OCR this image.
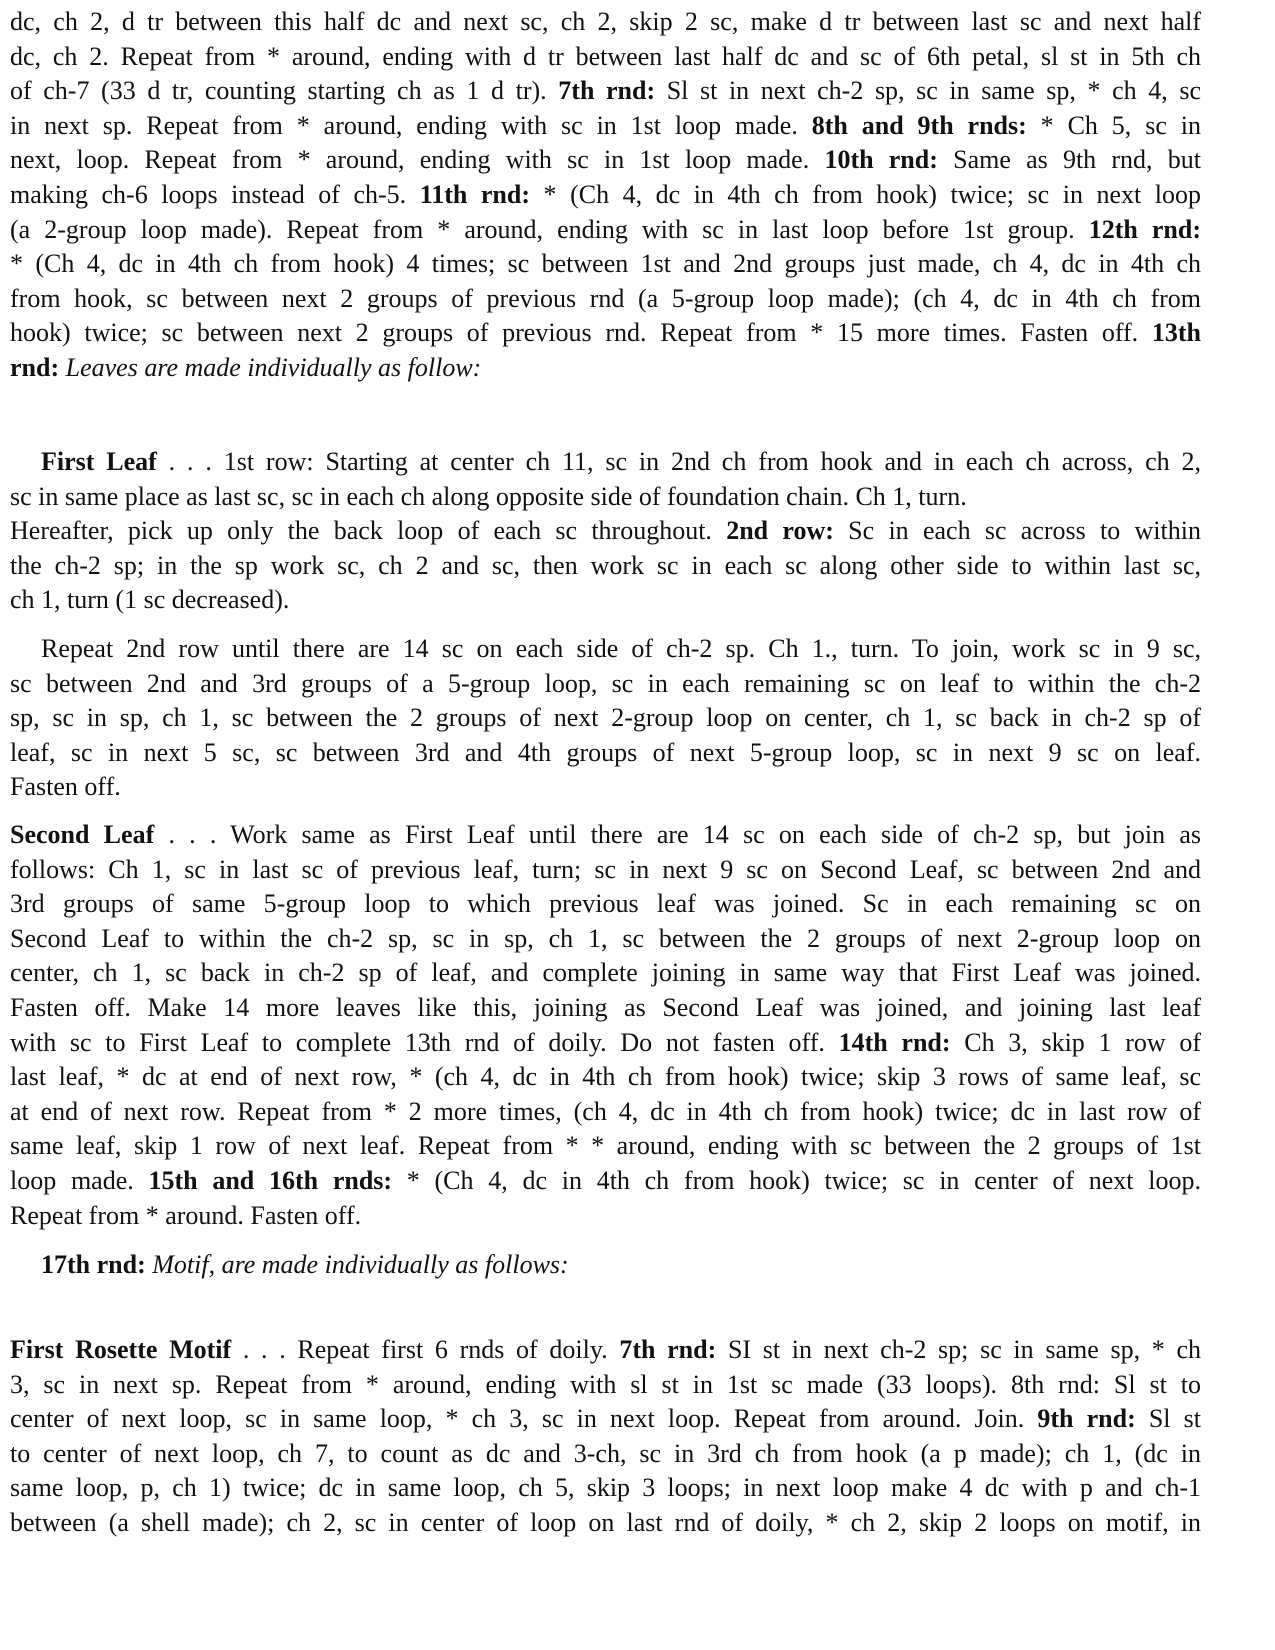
dc, ch 2, d tr between this half dc and next sc, ch 2, skip 2 sc, make d tr between last sc and next half
dc, ch 2. Repeat from * around, ending with d tr between last half dc and sc of 6th petal, sl st in 5th ch
of ch-7 (33 d tr, counting starting ch as 1 d tr). 7th rnd: Sl st in next ch-2 sp, sc in same sp, * ch 4, sc
in next sp. Repeat from * around, ending with sc in 1st loop made. 8th and 9th rnds: * Ch 5, sc in
next, loop. Repeat from * around, ending with sc in 1st loop made. 10th rnd: Same as 9th rnd, but
making ch-6 loops instead of ch-5. 11th rnd: * (Ch 4, dc in 4th ch from hook) twice; sc in next loop
(a 2-group loop made). Repeat from * around, ending with sc in last loop before 1st group. 12th rnd:
* (Ch 4, dc in 4th ch from hook) 4 times; sc between 1st and 2nd groups just made, ch 4, dc in 4th ch
from hook, sc between next 2 groups of previous rnd (a 5-group loop made); (ch 4, dc in 4th ch from
hook) twice; sc between next 2 groups of previous rnd. Repeat from * 15 more times. Fasten off. 13th
rnd: Leaves are made individually as follow:
First Leaf . . . 1st row: Starting at center ch 11, sc in 2nd ch from hook and in each ch across, ch 2,
sc in same place as last sc, sc in each ch along opposite side of foundation chain. Ch 1, turn.
Hereafter, pick up only the back loop of each sc throughout. 2nd row: Sc in each sc across to within
the ch-2 sp; in the sp work sc, ch 2 and sc, then work sc in each sc along other side to within last sc,
ch 1, turn (1 sc decreased).
Repeat 2nd row until there are 14 sc on each side of ch-2 sp. Ch 1., turn. To join, work sc in 9 sc,
sc between 2nd and 3rd groups of a 5-group loop, sc in each remaining sc on leaf to within the ch-2
sp, sc in sp, ch 1, sc between the 2 groups of next 2-group loop on center, ch 1, sc back in ch-2 sp of
leaf, sc in next 5 sc, sc between 3rd and 4th groups of next 5-group loop, sc in next 9 sc on leaf.
Fasten off.
Second Leaf . . . Work same as First Leaf until there are 14 sc on each side of ch-2 sp, but join as
follows: Ch 1, sc in last sc of previous leaf, turn; sc in next 9 sc on Second Leaf, sc between 2nd and
3rd groups of same 5-group loop to which previous leaf was joined. Sc in each remaining sc on
Second Leaf to within the ch-2 sp, sc in sp, ch 1, sc between the 2 groups of next 2-group loop on
center, ch 1, sc back in ch-2 sp of leaf, and complete joining in same way that First Leaf was joined.
Fasten off. Make 14 more leaves like this, joining as Second Leaf was joined, and joining last leaf
with sc to First Leaf to complete 13th rnd of doily. Do not fasten off. 14th rnd: Ch 3, skip 1 row of
last leaf, * dc at end of next row, * (ch 4, dc in 4th ch from hook) twice; skip 3 rows of same leaf, sc
at end of next row. Repeat from * 2 more times, (ch 4, dc in 4th ch from hook) twice; dc in last row of
same leaf, skip 1 row of next leaf. Repeat from * * around, ending with sc between the 2 groups of 1st
loop made. 15th and 16th rnds: * (Ch 4, dc in 4th ch from hook) twice; sc in center of next loop.
Repeat from * around. Fasten off.
17th rnd: Motif, are made individually as follows:
First Rosette Motif . . . Repeat first 6 rnds of doily. 7th rnd: SI st in next ch-2 sp; sc in same sp, * ch
3, sc in next sp. Repeat from * around, ending with sl st in 1st sc made (33 loops). 8th rnd: Sl st to
center of next loop, sc in same loop, * ch 3, sc in next loop. Repeat from around. Join. 9th rnd: Sl st
to center of next loop, ch 7, to count as dc and 3-ch, sc in 3rd ch from hook (a p made); ch 1, (dc in
same loop, p, ch 1) twice; dc in same loop, ch 5, skip 3 loops; in next loop make 4 dc with p and ch-1
between (a shell made); ch 2, sc in center of loop on last rnd of doily, * ch 2, skip 2 loops on motif, in
